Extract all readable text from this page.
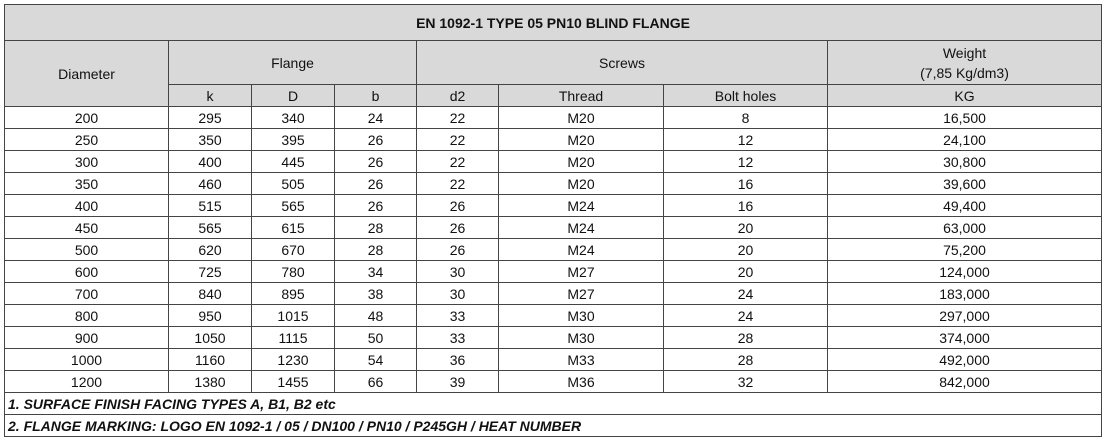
EN 1092-1 TYPE 05 PN10 BLIND FLANGE							
Diameter	Flange			Screws			Weight
(7,85 Kg/dm3)

	k	D	b	d2	Thread	Bolt holes	KG
200	295	340	24	22	M20	8	16,500
250	350	395	26	22	M20	12	24,100
300	400	445	26	22	M20	12	30,800
350	460	505	26	22	M20	16	39,600
400	515	565	26	26	M24	16	49,400
450	565	615	28	26	M24	20	63,000
500	620	670	28	26	M24	20	75,200
600	725	780	34	30	M27	20	124,000
700	840	895	38	30	M27	24	183,000
800	950	1015	48	33	M30	24	297,000
900	1050	1115	50	33	M30	28	374,000
1000	1160	1230	54	36	M33	28	492,000
1200	1380	1455	66	39	M36	32	842,000
1. SURFACE FINISH FACING TYPES A, B1, B2 etc							
2. FLANGE MARKING: LOGO EN 1092-1 / 05 / DN100 / PN10 / P245GH / HEAT NUMBER							
